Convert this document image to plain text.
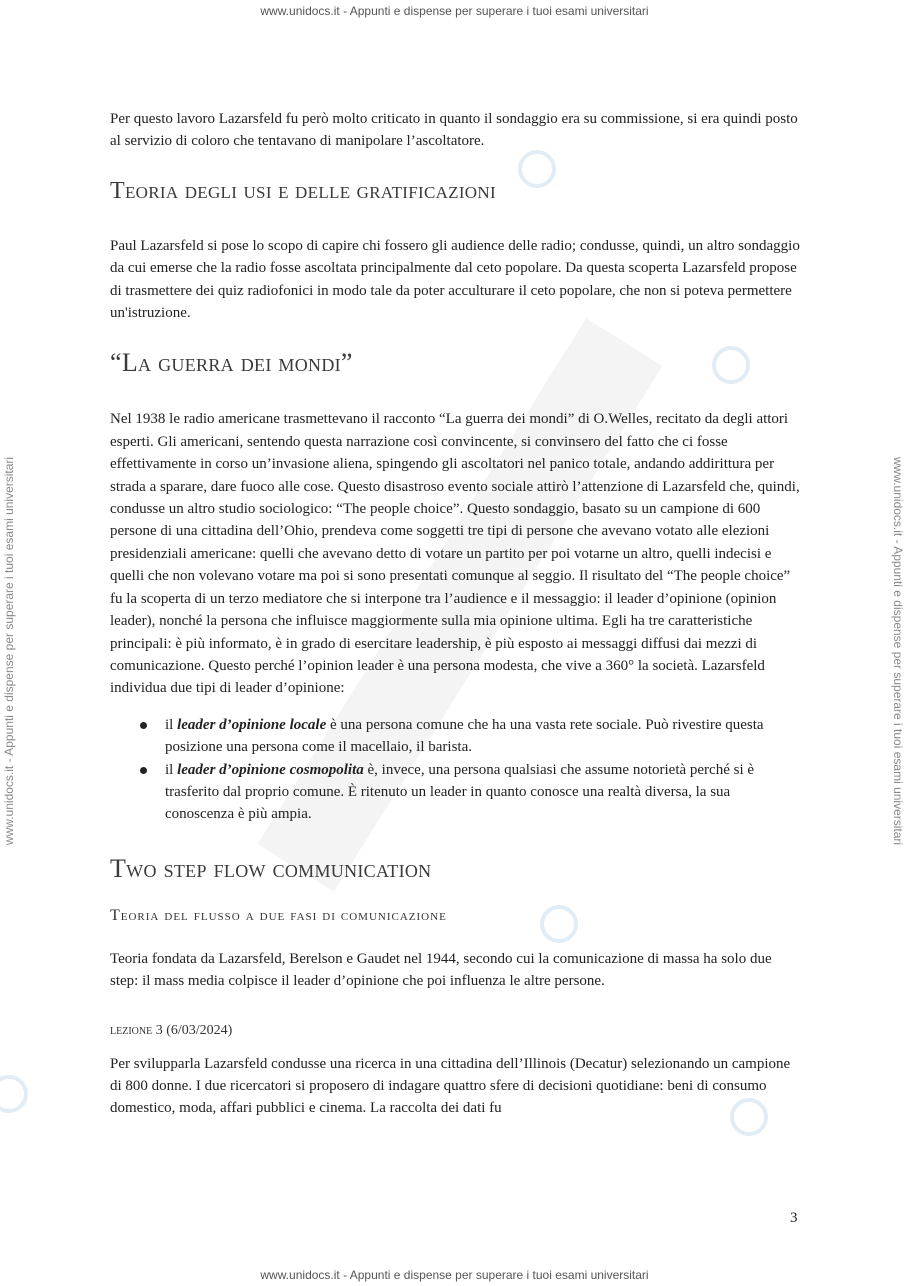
www.unidocs.it - Appunti e dispense per superare i tuoi esami universitari
www.unidocs.it - Appunti e dispense per superare i tuoi esami universitari
www.unidocs.it - Appunti e dispense per superare i tuoi esami universitari	www.unidocs.it - Appunti e dispense per superare i tuoi esami universitari

Per questo lavoro Lazarsfeld fu però molto criticato in quanto il sondaggio era su commissione, si era quindi posto al servizio di coloro che tentavano di manipolare l’ascoltatore.

Teoria degli usi e delle gratificazioni

Paul Lazarsfeld si pose lo scopo di capire chi fossero gli audience delle radio; condusse, quindi, un altro sondaggio da cui emerse che la radio fosse ascoltata principalmente dal ceto popolare. Da questa scoperta Lazarsfeld propose di trasmettere dei quiz radiofonici in modo tale da poter acculturare il ceto popolare, che non si poteva permettere un'istruzione.

“La guerra dei mondi”

Nel 1938 le radio americane trasmettevano il racconto “La guerra dei mondi” di O.Welles, recitato da degli attori esperti. Gli americani, sentendo questa narrazione così convincente, si convinsero del fatto che ci fosse effettivamente in corso un’invasione aliena, spingendo gli ascoltatori nel panico totale, andando addirittura per strada a sparare, dare fuoco alle cose. Questo disastroso evento sociale attirò l’attenzione di Lazarsfeld che, quindi, condusse un altro studio sociologico: “The people choice”. Questo sondaggio, basato su un campione di 600 persone di una cittadina dell’Ohio, prendeva come soggetti tre tipi di persone che avevano votato alle elezioni presidenziali americane: quelli che avevano detto di votare un partito per poi votarne un altro, quelli indecisi e quelli che non volevano votare ma poi si sono presentati comunque al seggio. Il risultato del “The people choice” fu la scoperta di un terzo mediatore che si interpone tra l’audience e il messaggio: il leader d’opinione (opinion leader), nonché la persona che influisce maggiormente sulla mia opinione ultima. Egli ha tre caratteristiche principali: è più informato, è in grado di esercitare leadership, è più esposto ai messaggi diffusi dai mezzi di comunicazione. Questo perché l’opinion leader è una persona modesta, che vive a 360° la società. Lazarsfeld individua due tipi di leader d’opinione:

il leader d’opinione locale è una persona comune che ha una vasta rete sociale. Può rivestire questa posizione una persona come il macellaio, il barista.
il leader d’opinione cosmopolita è, invece, una persona qualsiasi che assume notorietà perché si è trasferito dal proprio comune. È ritenuto un leader in quanto conosce una realtà diversa, la sua conoscenza è più ampia.
Two step flow communication
Teoria del flusso a due fasi di comunicazione

Teoria fondata da Lazarsfeld, Berelson e Gaudet nel 1944, secondo cui la comunicazione di massa ha solo due step: il mass media colpisce il leader d’opinione che poi influenza le altre persone.

lezione 3 (6/03/2024)

Per svilupparla Lazarsfeld condusse una ricerca in una cittadina dell’Illinois (Decatur) selezionando un campione di 800 donne. I due ricercatori si proposero di indagare quattro sfere di decisioni quotidiane: beni di consumo domestico, moda, affari pubblici e cinema. La raccolta dei dati fu

3
